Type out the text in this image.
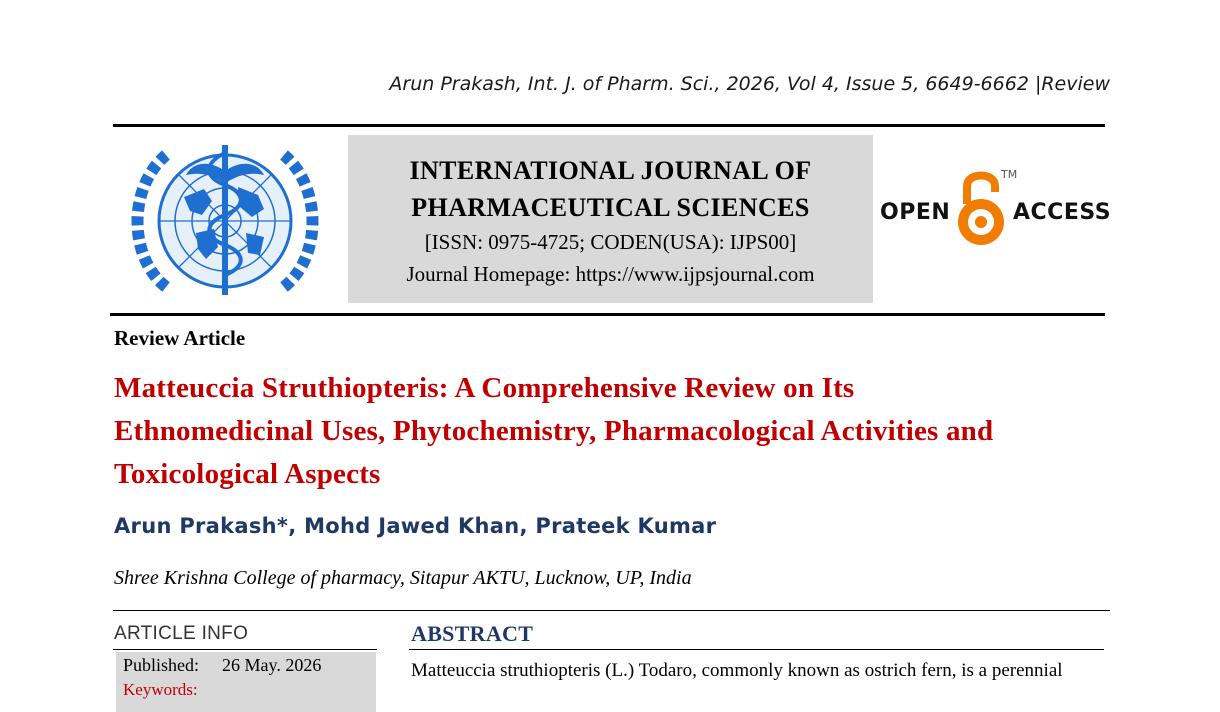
Arun Prakash, Int. J. of Pharm. Sci., 2026, Vol 4, Issue 5, 6649-6662 |Review
INTERNATIONAL JOURNAL OF
PHARMACEUTICAL SCIENCES
[ISSN: 0975-4725; CODEN(USA): IJPS00]
Journal Homepage: https://www.ijpsjournal.com
OPEN
TM
ACCESS
Review Article
Matteuccia Struthiopteris: A Comprehensive Review on Its
Ethnomedicinal Uses, Phytochemistry, Pharmacological Activities and
Toxicological Aspects
Arun Prakash*, Mohd Jawed Khan, Prateek Kumar
Shree Krishna College of pharmacy, Sitapur AKTU, Lucknow, UP, India
ARTICLE INFO
Published: 26 May. 2026
Keywords:
ABSTRACT
Matteuccia struthiopteris (L.) Todaro, commonly known as ostrich fern, is a perennial
